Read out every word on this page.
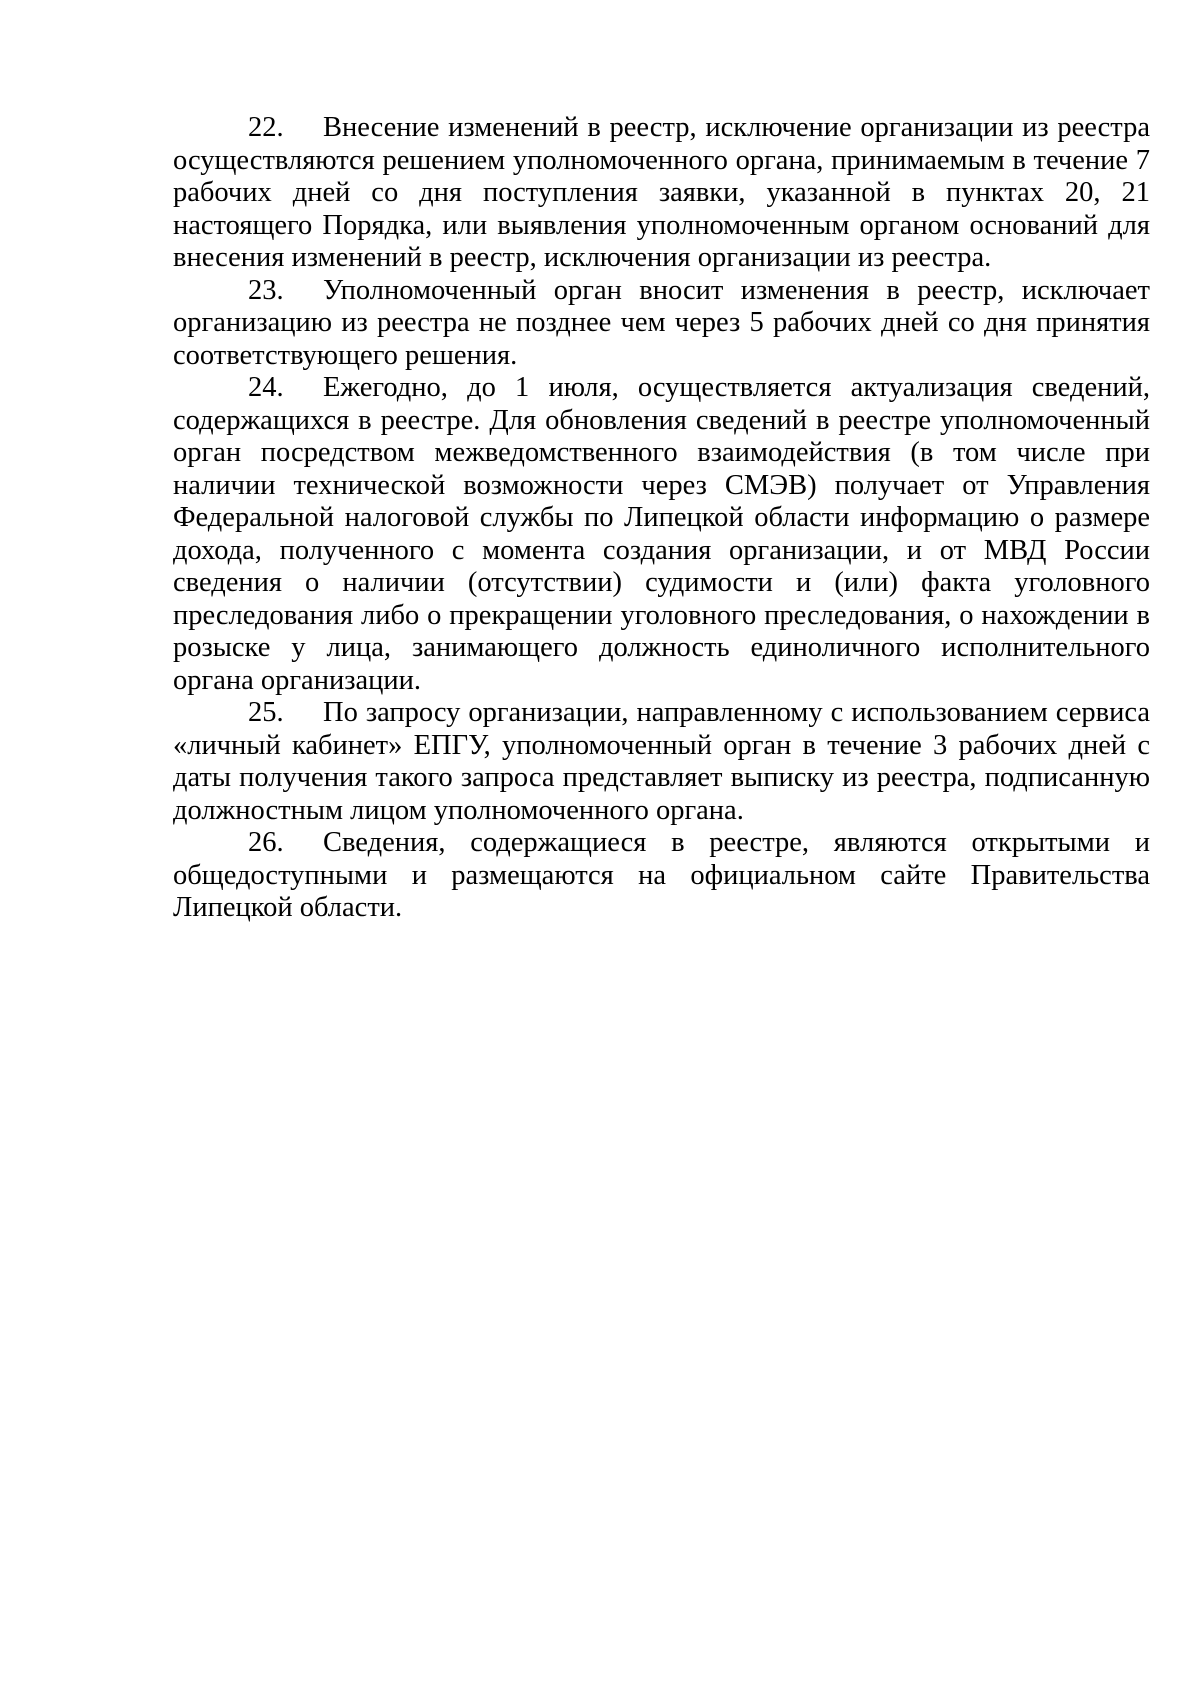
22. Внесение изменений в реестр, исключение организации из реестра осуществляются решением уполномоченного органа, принимаемым в течение 7 рабочих дней со дня поступления заявки, указанной в пунктах 20, 21 настоящего Порядка, или выявления уполномоченным органом оснований для внесения изменений в реестр, исключения организации из реестра.

23. Уполномоченный орган вносит изменения в реестр, исключает организацию из реестра не позднее чем через 5 рабочих дней со дня принятия соответствующего решения.

24. Ежегодно, до 1 июля, осуществляется актуализация сведений, содержащихся в реестре. Для обновления сведений в реестре уполномоченный орган посредством межведомственного взаимодействия (в том числе при наличии технической возможности через СМЭВ) получает от Управления Федеральной налоговой службы по Липецкой области информацию о размере дохода, полученного с момента создания организации, и от МВД России сведения о наличии (отсутствии) судимости и (или) факта уголовного преследования либо о прекращении уголовного преследования, о нахождении в розыске у лица, занимающего должность единоличного исполнительного органа организации.

25. По запросу организации, направленному с использованием сервиса «личный кабинет» ЕПГУ, уполномоченный орган в течение 3 рабочих дней с даты получения такого запроса представляет выписку из реестра, подписанную должностным лицом уполномоченного органа.

26. Сведения, содержащиеся в реестре, являются открытыми и общедоступными и размещаются на официальном сайте Правительства Липецкой области.
